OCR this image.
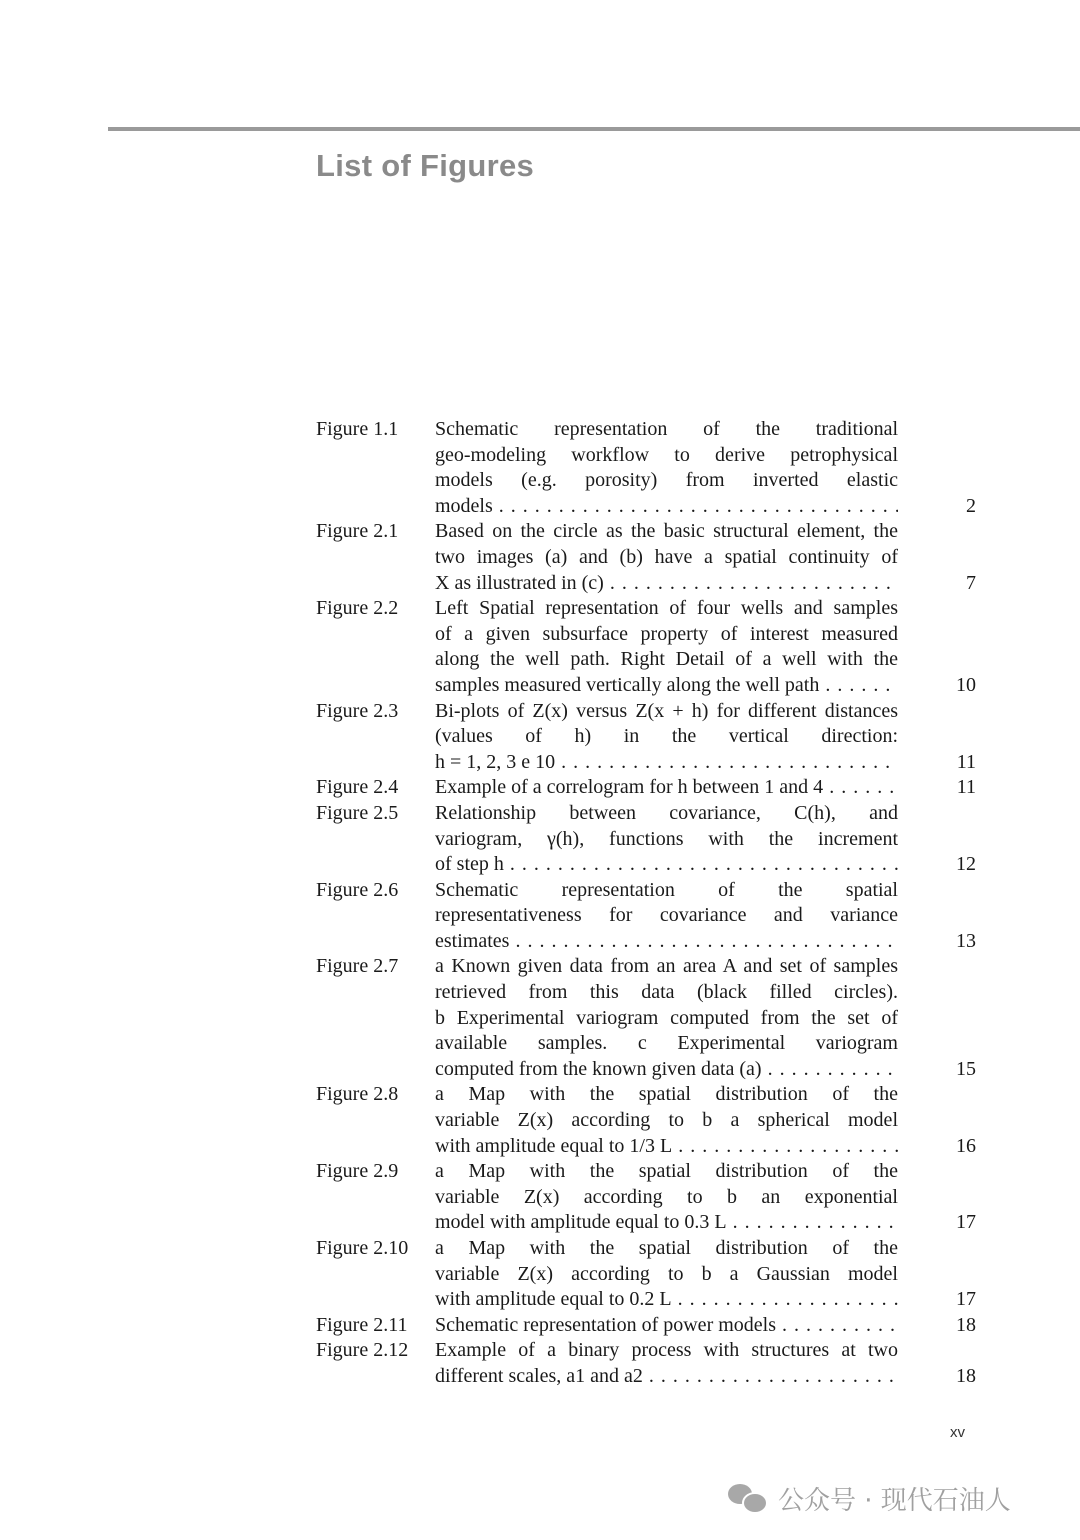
List of Figures
Figure 1.1	Schematic representation of the traditional
geo-modeling workflow to derive petrophysical
models (e.g. porosity) from inverted elastic
models . . .	2
Figure 2.1	Based on the circle as the basic structural element, the
two images (a) and (b) have a spatial continuity of
X as illustrated in (c) . . .	7
Figure 2.2	Left Spatial representation of four wells and samples
of a given subsurface property of interest measured
along the well path. Right Detail of a well with the
samples measured vertically along the well path . . .	10
Figure 2.3	Bi-plots of Z(x) versus Z(x + h) for different distances
(values of h) in the vertical direction:
h = 1, 2, 3 e 10 . . .	11
Figure 2.4	Example of a correlogram for h between 1 and 4 . . .	11
Figure 2.5	Relationship between covariance, C(h), and
variogram, γ(h), functions with the increment
of step h . . .	12
Figure 2.6	Schematic representation of the spatial
representativeness for covariance and variance
estimates . . .	13
Figure 2.7	a Known given data from an area A and set of samples
retrieved from this data (black filled circles).
b Experimental variogram computed from the set of
available samples. c Experimental variogram
computed from the known given data (a) . . .	15
Figure 2.8	a Map with the spatial distribution of the
variable Z(x) according to b a spherical model
with amplitude equal to 1/3 L . . .	16
Figure 2.9	a Map with the spatial distribution of the
variable Z(x) according to b an exponential
model with amplitude equal to 0.3 L . . .	17
Figure 2.10	a Map with the spatial distribution of the
variable Z(x) according to b a Gaussian model
with amplitude equal to 0.2 L . . .	17
Figure 2.11	Schematic representation of power models . . .	18
Figure 2.12	Example of a binary process with structures at two
different scales, a1 and a2 . . .	18
xv
公众号 · 现代石油人
